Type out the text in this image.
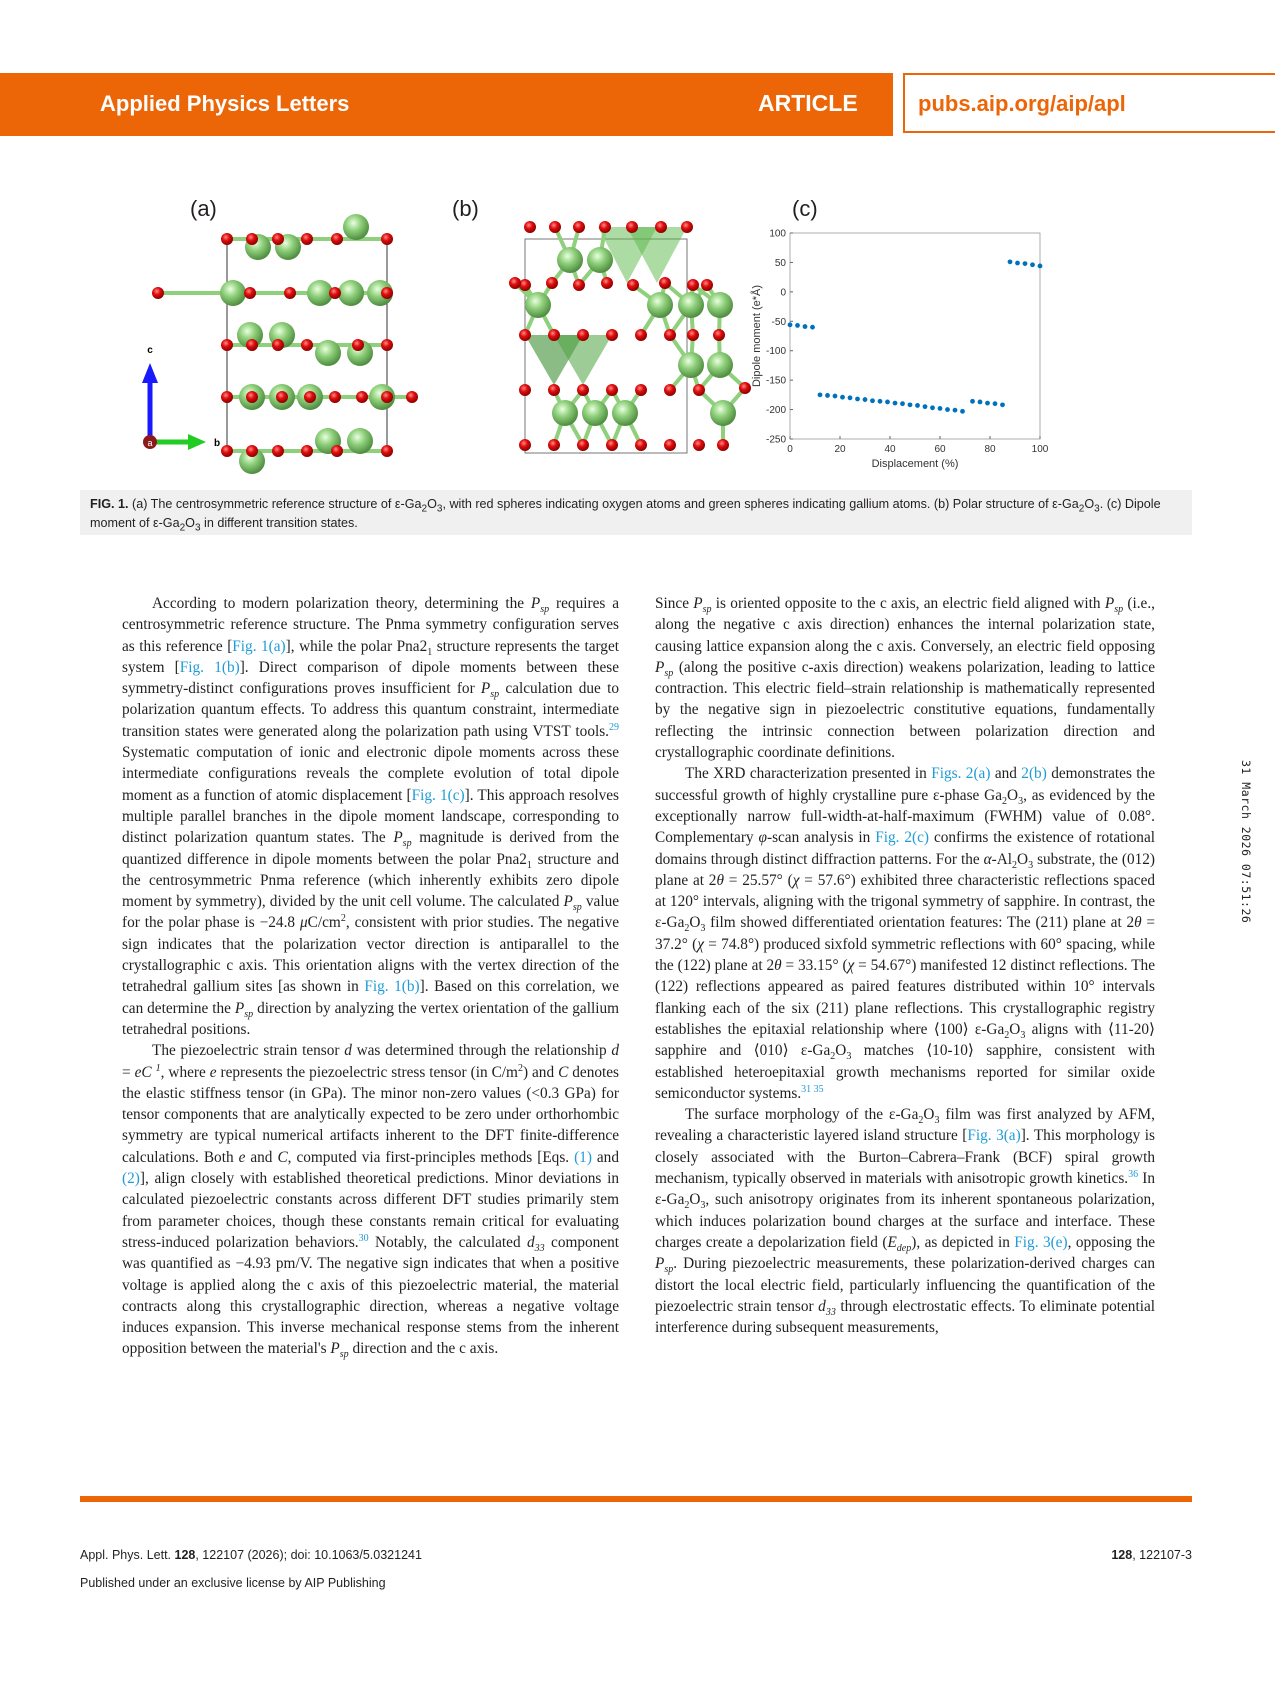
Applied Physics Letters	ARTICLE	pubs.aip.org/aip/apl
(a)	(b)	(c)
a
c
b
0	20	40	60	80	100
100
50
0
-50
-100
-150
-200
-250
Displacement (%)
Dipole moment (e*Å)
FIG. 1. (a) The centrosymmetric reference structure of $\varepsilon-Ga_2O_3$, with red spheres indicating oxygen atoms and green spheres indicating gallium atoms. (b) Polar structure of $\varepsilon-Ga_2O_3$. (c) Dipole moment of $\varepsilon-Ga_2O_3$ in different transition states.

According to modern polarization theory, determining the $P_{sp}$ requires a centrosymmetric reference structure. The Pnma symmetry configuration serves as this reference [Fig. 1(a)], while the polar $Pna2_1$ structure represents the target system [Fig. 1(b)]. Direct comparison of dipole moments between these symmetry-distinct configurations proves insufficient for $P_{sp}$ calculation due to polarization quantum effects. To address this quantum constraint, intermediate transition states were generated along the polarization path using VTST tools.$^{29}$ Systematic computation of ionic and electronic dipole moments across these intermediate configurations reveals the complete evolution of total dipole moment as a function of atomic displacement [Fig. 1(c)]. This approach resolves multiple parallel branches in the dipole moment landscape, corresponding to distinct polarization quantum states. The $P_{sp}$ magnitude is derived from the quantized difference in dipole moments between the polar $Pna2_1$ structure and the centrosymmetric Pnma reference (which inherently exhibits zero dipole moment by symmetry), divided by the unit cell volume. The calculated $P_{sp}$ value for the polar phase is −24.8 $\mu C/cm^2$, consistent with prior studies. The negative sign indicates that the polarization vector direction is antiparallel to the crystallographic c axis. This orientation aligns with the vertex direction of the tetrahedral gallium sites [as shown in Fig. 1(b)]. Based on this correlation, we can determine the $P_{sp}$ direction by analyzing the vertex orientation of the gallium tetrahedral positions.

The piezoelectric strain tensor d was determined through the relationship d = eC $^1$, where e represents the piezoelectric stress tensor (in $C/m^2$) and C denotes the elastic stiffness tensor (in GPa). The minor non-zero values (<0.3 GPa) for tensor components that are analytically expected to be zero under orthorhombic symmetry are typical numerical artifacts inherent to the DFT finite-difference calculations. Both e and C, computed via first-principles methods [Eqs. (1) and (2)], align closely with established theoretical predictions. Minor deviations in calculated piezoelectric constants across different DFT studies primarily stem from parameter choices, though these constants remain critical for evaluating stress-induced polarization behaviors.$^{30}$ Notably, the calculated $d_{33}$ component was quantified as −4.93 pm/V. The negative sign indicates that when a positive voltage is applied along the c axis of this piezoelectric material, the material contracts along this crystallographic direction, whereas a negative voltage induces expansion. This inverse mechanical response stems from the inherent opposition between the material's $P_{sp}$ direction and the c axis.

Since $P_{sp}$ is oriented opposite to the c axis, an electric field aligned with $P_{sp}$ (i.e., along the negative c axis direction) enhances the internal polarization state, causing lattice expansion along the c axis. Conversely, an electric field opposing $P_{sp}$ (along the positive c-axis direction) weakens polarization, leading to lattice contraction. This electric field–strain relationship is mathematically represented by the negative sign in piezoelectric constitutive equations, fundamentally reflecting the intrinsic connection between polarization direction and crystallographic coordinate definitions.

The XRD characterization presented in Figs. 2(a) and 2(b) demonstrates the successful growth of highly crystalline pure ε-phase $Ga_2O_3$, as evidenced by the exceptionally narrow full-width-at-half-maximum (FWHM) value of 0.08°. Complementary φ-scan analysis in Fig. 2(c) confirms the existence of rotational domains through distinct diffraction patterns. For the $\alpha-Al_2O_3$ substrate, the (012) plane at 2θ = 25.57° (χ = 57.6°) exhibited three characteristic reflections spaced at 120° intervals, aligning with the trigonal symmetry of sapphire. In contrast, the $\varepsilon-Ga_2O_3$ film showed differentiated orientation features: The (211) plane at 2θ = 37.2° (χ = 74.8°) produced sixfold symmetric reflections with 60° spacing, while the (122) plane at 2θ = 33.15° (χ = 54.67°) manifested 12 distinct reflections. The (122) reflections appeared as paired features distributed within 10° intervals flanking each of the six (211) plane reflections. This crystallographic registry establishes the epitaxial relationship where ⟨100⟩ $\varepsilon-Ga_2O_3$ aligns with ⟨11-20⟩ sapphire and ⟨010⟩ $\varepsilon-Ga_2O_3$ matches ⟨10-10⟩ sapphire, consistent with established heteroepitaxial growth mechanisms reported for similar oxide semiconductor systems.$^{31 35}$

The surface morphology of the $\varepsilon-Ga_2O_3$ film was first analyzed by AFM, revealing a characteristic layered island structure [Fig. 3(a)]. This morphology is closely associated with the Burton–Cabrera–Frank (BCF) spiral growth mechanism, typically observed in materials with anisotropic growth kinetics.$^{36}$ In $\varepsilon-Ga_2O_3$, such anisotropy originates from its inherent spontaneous polarization, which induces polarization bound charges at the surface and interface. These charges create a depolarization field $(E_{dep})$, as depicted in Fig. 3(e), opposing the $P_{sp}$. During piezoelectric measurements, these polarization-derived charges can distort the local electric field, particularly influencing the quantification of the piezoelectric strain tensor $d_{33}$ through electrostatic effects. To eliminate potential interference during subsequent measurements,

31 March 2026 07:51:26
Appl. Phys. Lett. 128, 122107 (2026); doi: 10.1063/5.0321241	128, 122107-3
Published under an exclusive license by AIP Publishing
